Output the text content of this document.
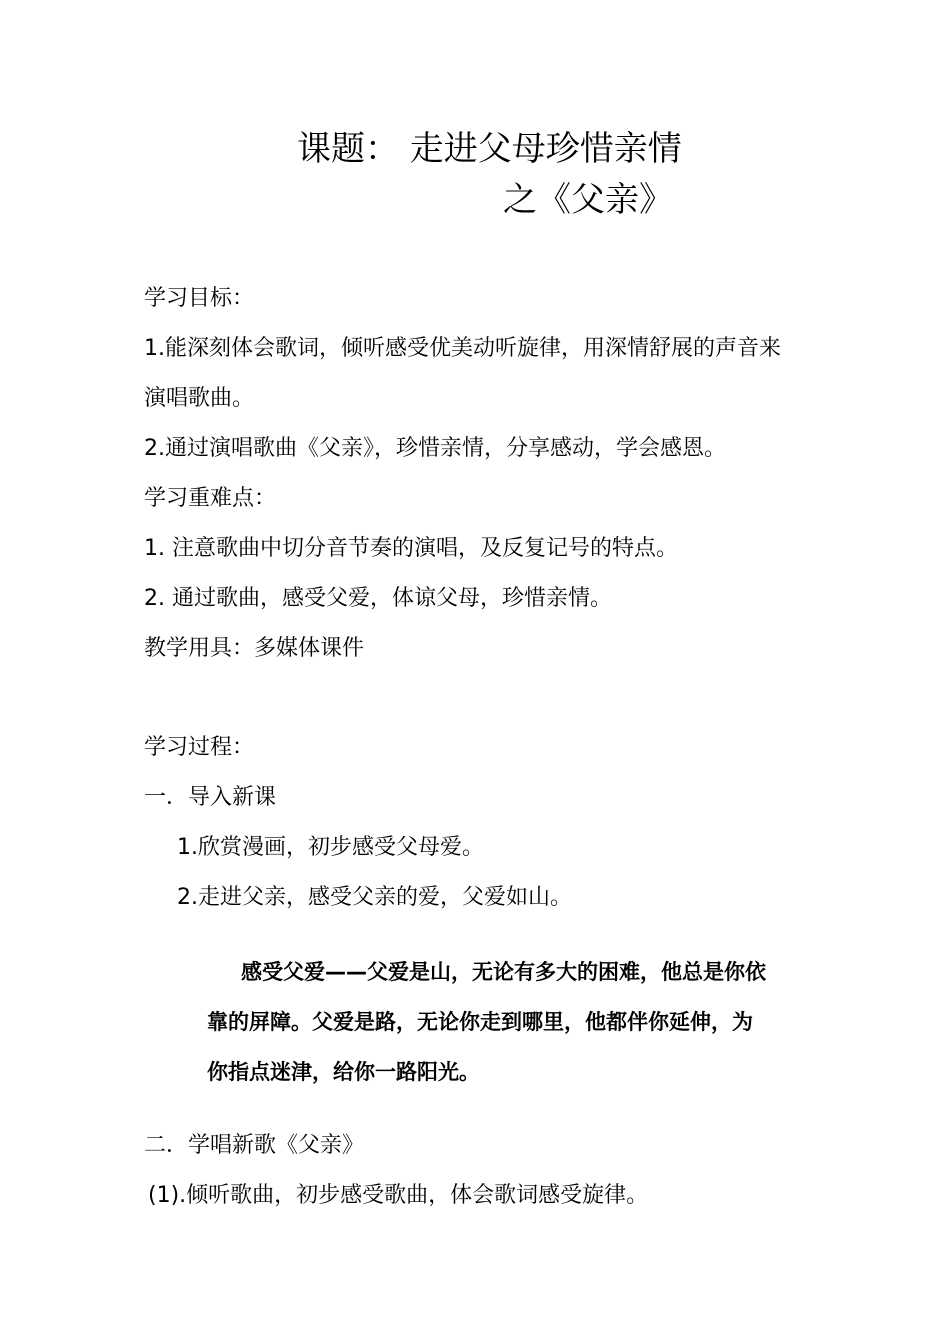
课题： 走进父母珍惜亲情
之《父亲》
学习目标：
1.能深刻体会歌词，倾听感受优美动听旋律，用深情舒展的声音来
演唱歌曲。
2.通过演唱歌曲《父亲》，珍惜亲情，分享感动，学会感恩。
学习重难点：
1. 注意歌曲中切分音节奏的演唱，及反复记号的特点。
2. 通过歌曲，感受父爱，体谅父母，珍惜亲情。
教学用具：多媒体课件
学习过程：
一．导入新课
1.欣赏漫画，初步感受父母爱。
2.走进父亲，感受父亲的爱，父爱如山。
感受父爱——父爱是山，无论有多大的困难，他总是你依
靠的屏障。父爱是路，无论你走到哪里，他都伴你延伸，为
你指点迷津，给你一路阳光。
二．学唱新歌《父亲》
(1).倾听歌曲，初步感受歌曲，体会歌词感受旋律。
